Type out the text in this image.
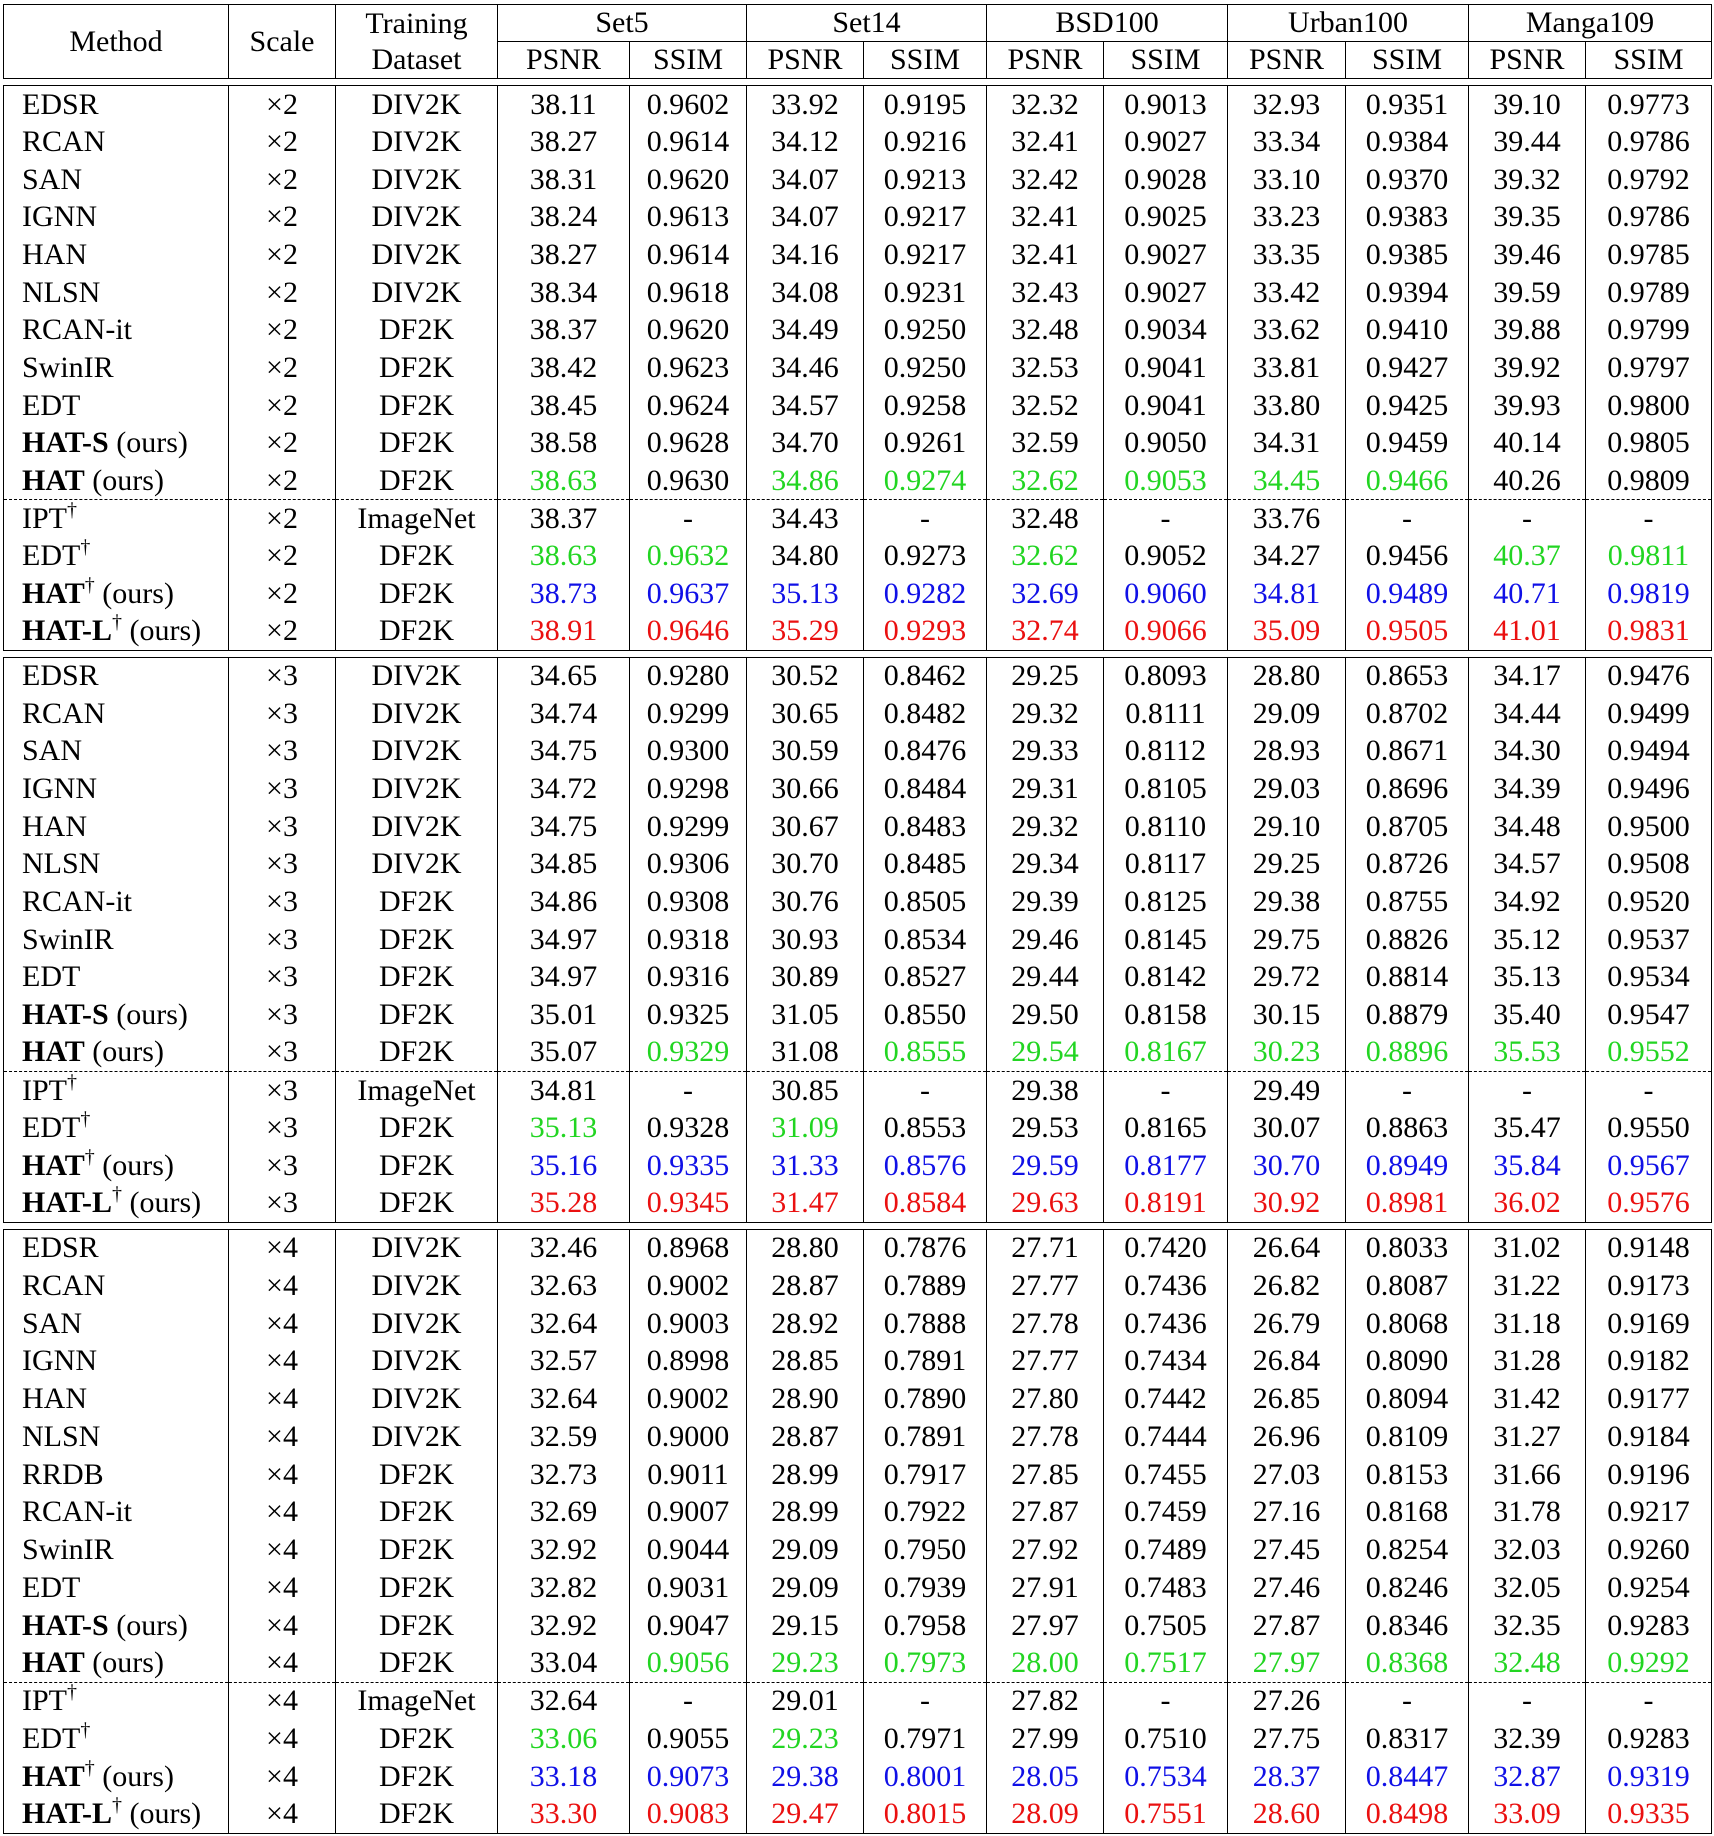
Method	Scale	Training
Dataset	Set5		Set14		BSD100		Urban100		Manga109	
			PSNR	SSIM	PSNR	SSIM	PSNR	SSIM	PSNR	SSIM	PSNR	SSIM
EDSR	×2	DIV2K	38.11	0.9602	33.92	0.9195	32.32	0.9013	32.93	0.9351	39.10	0.9773
RCAN	×2	DIV2K	38.27	0.9614	34.12	0.9216	32.41	0.9027	33.34	0.9384	39.44	0.9786
SAN	×2	DIV2K	38.31	0.9620	34.07	0.9213	32.42	0.9028	33.10	0.9370	39.32	0.9792
IGNN	×2	DIV2K	38.24	0.9613	34.07	0.9217	32.41	0.9025	33.23	0.9383	39.35	0.9786
HAN	×2	DIV2K	38.27	0.9614	34.16	0.9217	32.41	0.9027	33.35	0.9385	39.46	0.9785
NLSN	×2	DIV2K	38.34	0.9618	34.08	0.9231	32.43	0.9027	33.42	0.9394	39.59	0.9789
RCAN-it	×2	DF2K	38.37	0.9620	34.49	0.9250	32.48	0.9034	33.62	0.9410	39.88	0.9799
SwinIR	×2	DF2K	38.42	0.9623	34.46	0.9250	32.53	0.9041	33.81	0.9427	39.92	0.9797
EDT	×2	DF2K	38.45	0.9624	34.57	0.9258	32.52	0.9041	33.80	0.9425	39.93	0.9800
HAT-S (ours)	×2	DF2K	38.58	0.9628	34.70	0.9261	32.59	0.9050	34.31	0.9459	40.14	0.9805
HAT (ours)	×2	DF2K	38.63	0.9630	34.86	0.9274	32.62	0.9053	34.45	0.9466	40.26	0.9809
IPT†	×2	ImageNet	38.37	-	34.43	-	32.48	-	33.76	-	-	-
EDT†	×2	DF2K	38.63	0.9632	34.80	0.9273	32.62	0.9052	34.27	0.9456	40.37	0.9811
HAT† (ours)	×2	DF2K	38.73	0.9637	35.13	0.9282	32.69	0.9060	34.81	0.9489	40.71	0.9819
HAT-L† (ours)	×2	DF2K	38.91	0.9646	35.29	0.9293	32.74	0.9066	35.09	0.9505	41.01	0.9831
EDSR	×3	DIV2K	34.65	0.9280	30.52	0.8462	29.25	0.8093	28.80	0.8653	34.17	0.9476
RCAN	×3	DIV2K	34.74	0.9299	30.65	0.8482	29.32	0.8111	29.09	0.8702	34.44	0.9499
SAN	×3	DIV2K	34.75	0.9300	30.59	0.8476	29.33	0.8112	28.93	0.8671	34.30	0.9494
IGNN	×3	DIV2K	34.72	0.9298	30.66	0.8484	29.31	0.8105	29.03	0.8696	34.39	0.9496
HAN	×3	DIV2K	34.75	0.9299	30.67	0.8483	29.32	0.8110	29.10	0.8705	34.48	0.9500
NLSN	×3	DIV2K	34.85	0.9306	30.70	0.8485	29.34	0.8117	29.25	0.8726	34.57	0.9508
RCAN-it	×3	DF2K	34.86	0.9308	30.76	0.8505	29.39	0.8125	29.38	0.8755	34.92	0.9520
SwinIR	×3	DF2K	34.97	0.9318	30.93	0.8534	29.46	0.8145	29.75	0.8826	35.12	0.9537
EDT	×3	DF2K	34.97	0.9316	30.89	0.8527	29.44	0.8142	29.72	0.8814	35.13	0.9534
HAT-S (ours)	×3	DF2K	35.01	0.9325	31.05	0.8550	29.50	0.8158	30.15	0.8879	35.40	0.9547
HAT (ours)	×3	DF2K	35.07	0.9329	31.08	0.8555	29.54	0.8167	30.23	0.8896	35.53	0.9552
IPT†	×3	ImageNet	34.81	-	30.85	-	29.38	-	29.49	-	-	-
EDT†	×3	DF2K	35.13	0.9328	31.09	0.8553	29.53	0.8165	30.07	0.8863	35.47	0.9550
HAT† (ours)	×3	DF2K	35.16	0.9335	31.33	0.8576	29.59	0.8177	30.70	0.8949	35.84	0.9567
HAT-L† (ours)	×3	DF2K	35.28	0.9345	31.47	0.8584	29.63	0.8191	30.92	0.8981	36.02	0.9576
EDSR	×4	DIV2K	32.46	0.8968	28.80	0.7876	27.71	0.7420	26.64	0.8033	31.02	0.9148
RCAN	×4	DIV2K	32.63	0.9002	28.87	0.7889	27.77	0.7436	26.82	0.8087	31.22	0.9173
SAN	×4	DIV2K	32.64	0.9003	28.92	0.7888	27.78	0.7436	26.79	0.8068	31.18	0.9169
IGNN	×4	DIV2K	32.57	0.8998	28.85	0.7891	27.77	0.7434	26.84	0.8090	31.28	0.9182
HAN	×4	DIV2K	32.64	0.9002	28.90	0.7890	27.80	0.7442	26.85	0.8094	31.42	0.9177
NLSN	×4	DIV2K	32.59	0.9000	28.87	0.7891	27.78	0.7444	26.96	0.8109	31.27	0.9184
RRDB	×4	DF2K	32.73	0.9011	28.99	0.7917	27.85	0.7455	27.03	0.8153	31.66	0.9196
RCAN-it	×4	DF2K	32.69	0.9007	28.99	0.7922	27.87	0.7459	27.16	0.8168	31.78	0.9217
SwinIR	×4	DF2K	32.92	0.9044	29.09	0.7950	27.92	0.7489	27.45	0.8254	32.03	0.9260
EDT	×4	DF2K	32.82	0.9031	29.09	0.7939	27.91	0.7483	27.46	0.8246	32.05	0.9254
HAT-S (ours)	×4	DF2K	32.92	0.9047	29.15	0.7958	27.97	0.7505	27.87	0.8346	32.35	0.9283
HAT (ours)	×4	DF2K	33.04	0.9056	29.23	0.7973	28.00	0.7517	27.97	0.8368	32.48	0.9292
IPT†	×4	ImageNet	32.64	-	29.01	-	27.82	-	27.26	-	-	-
EDT†	×4	DF2K	33.06	0.9055	29.23	0.7971	27.99	0.7510	27.75	0.8317	32.39	0.9283
HAT† (ours)	×4	DF2K	33.18	0.9073	29.38	0.8001	28.05	0.7534	28.37	0.8447	32.87	0.9319
HAT-L† (ours)	×4	DF2K	33.30	0.9083	29.47	0.8015	28.09	0.7551	28.60	0.8498	33.09	0.9335
